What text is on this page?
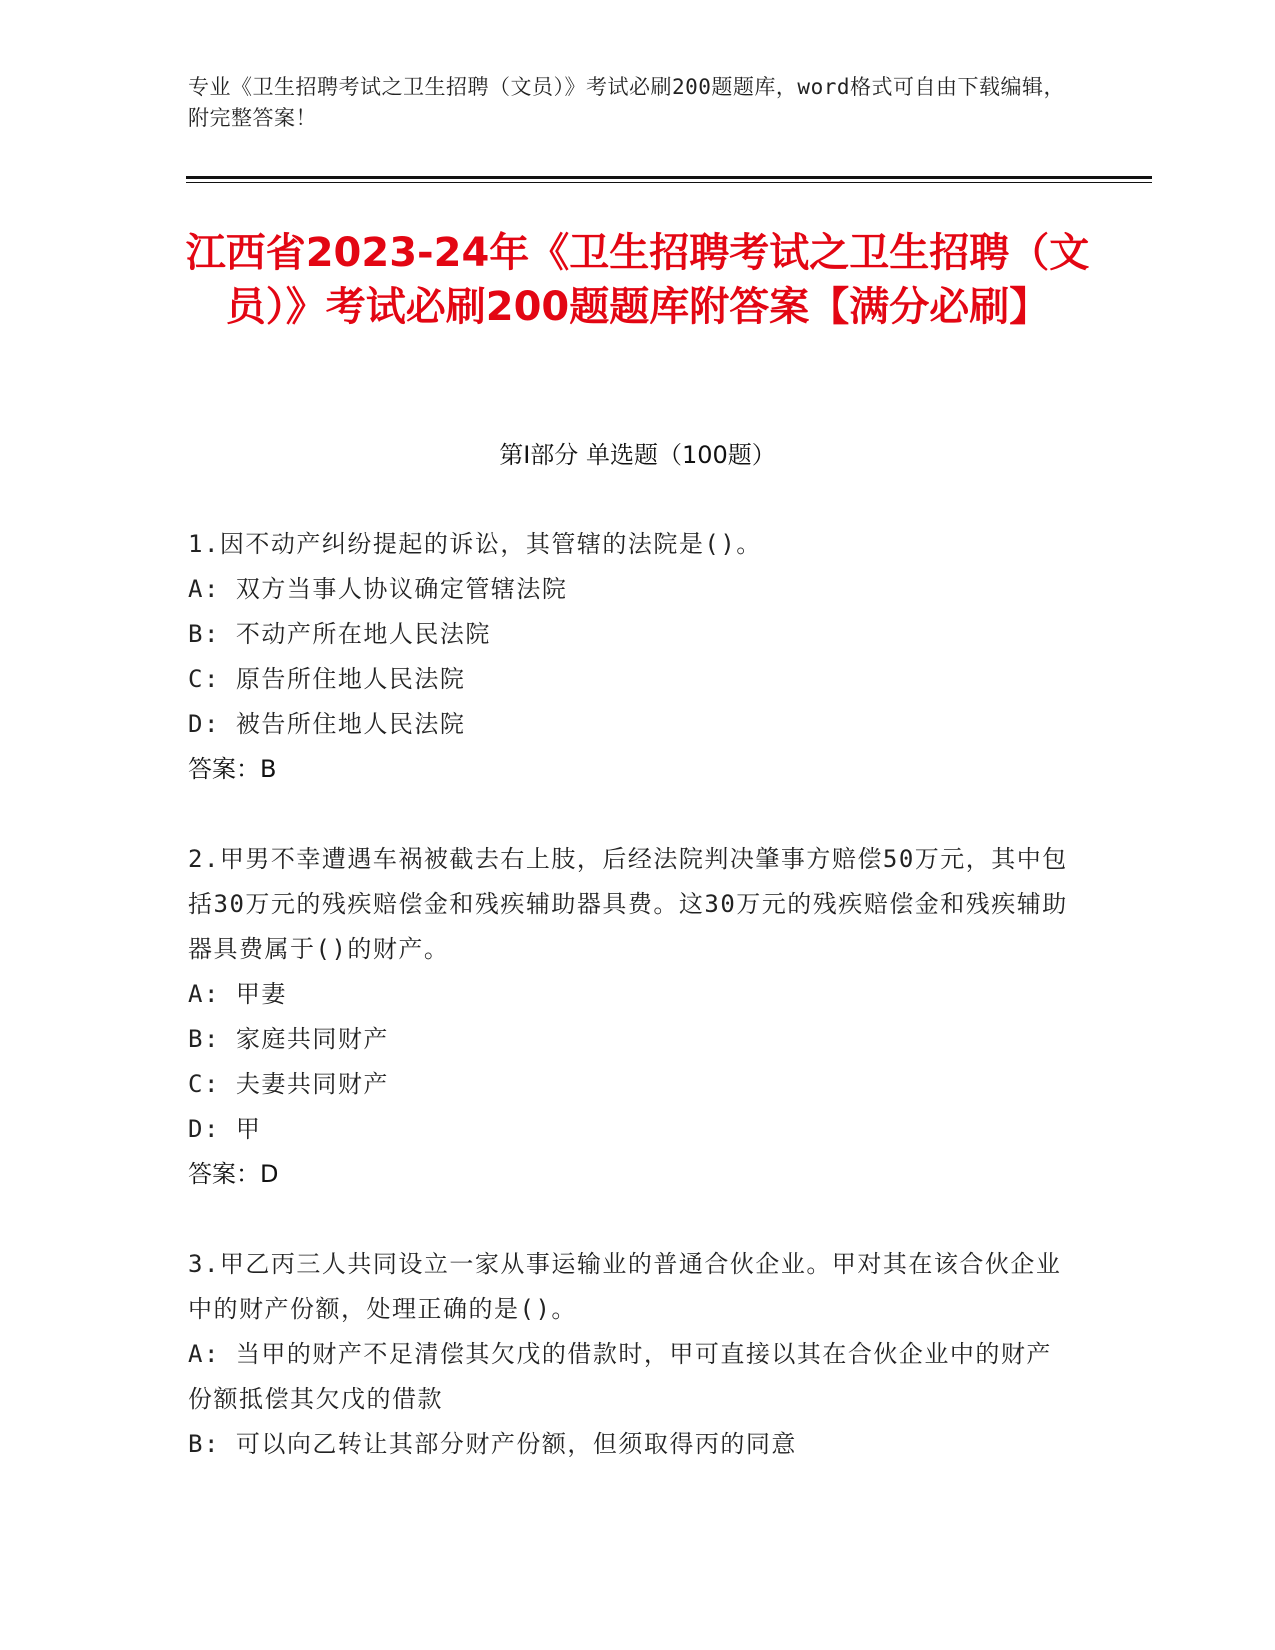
专业《卫生招聘考试之卫生招聘（文员）》考试必刷200题题库，word格式可自由下载编辑，附完整答案！
江西省2023-24年《卫生招聘考试之卫生招聘（文员）》考试必刷200题题库附答案【满分必刷】
第Ⅰ部分 单选题（100题）

1.因不动产纠纷提起的诉讼，其管辖的法院是()。

A: 双方当事人协议确定管辖法院

B: 不动产所在地人民法院

C: 原告所住地人民法院

D: 被告所住地人民法院

答案：B

2.甲男不幸遭遇车祸被截去右上肢，后经法院判决肇事方赔偿50万元，其中包括30万元的残疾赔偿金和残疾辅助器具费。这30万元的残疾赔偿金和残疾辅助器具费属于()的财产。

A: 甲妻

B: 家庭共同财产

C: 夫妻共同财产

D: 甲

答案：D

3.甲乙丙三人共同设立一家从事运输业的普通合伙企业。甲对其在该合伙企业中的财产份额，处理正确的是()。

A: 当甲的财产不足清偿其欠戊的借款时，甲可直接以其在合伙企业中的财产份额抵偿其欠戊的借款

B: 可以向乙转让其部分财产份额，但须取得丙的同意
